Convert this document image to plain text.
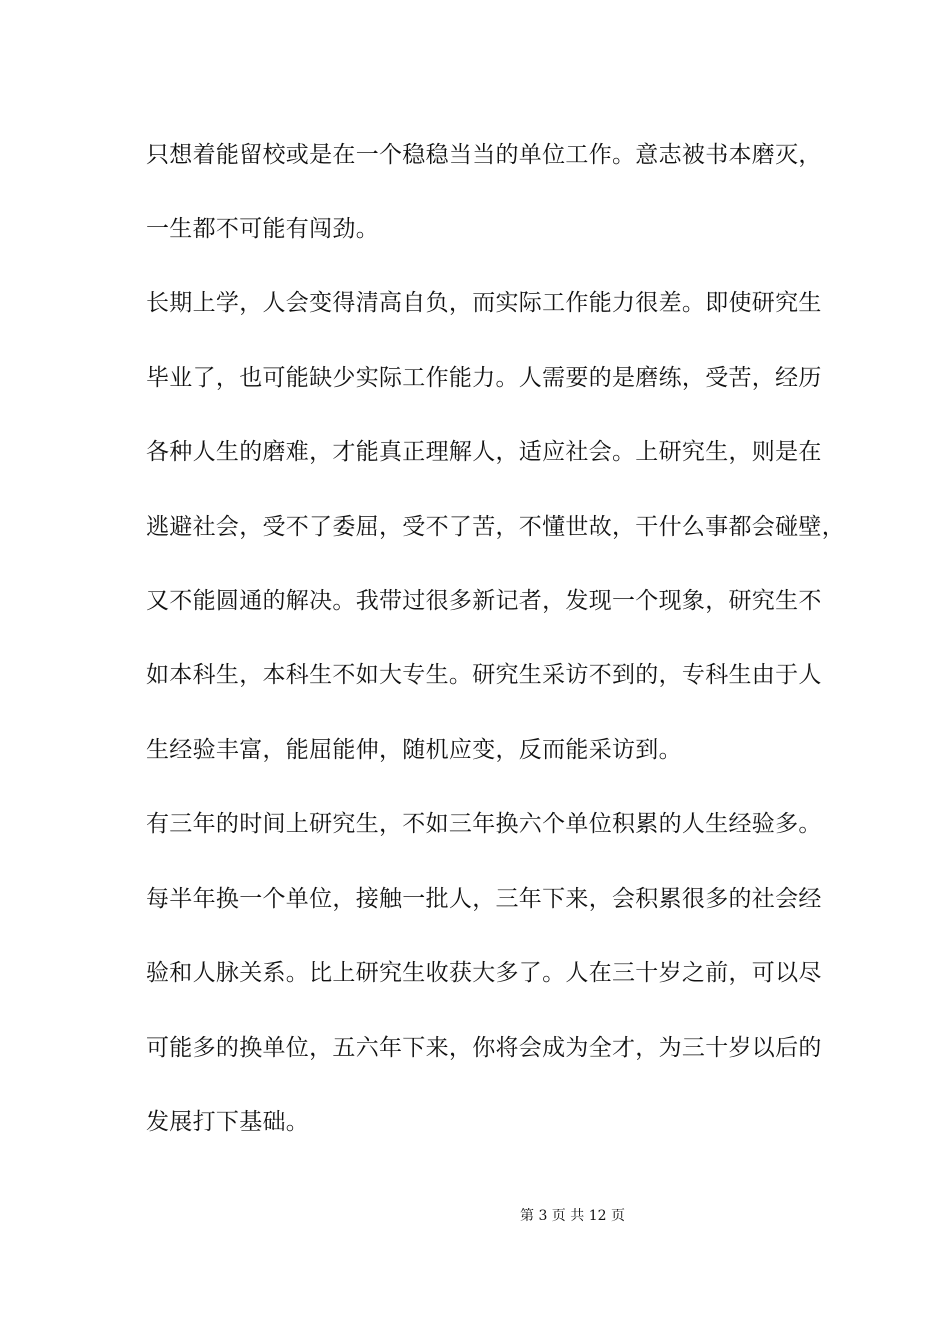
只想着能留校或是在一个稳稳当当的单位工作。意志被书本磨灭，
一生都不可能有闯劲。
长期上学，人会变得清高自负，而实际工作能力很差。即使研究生
毕业了，也可能缺少实际工作能力。人需要的是磨练，受苦，经历
各种人生的磨难，才能真正理解人，适应社会。上研究生，则是在
逃避社会，受不了委屈，受不了苦，不懂世故，干什么事都会碰壁，
又不能圆通的解决。我带过很多新记者，发现一个现象，研究生不
如本科生，本科生不如大专生。研究生采访不到的，专科生由于人
生经验丰富，能屈能伸，随机应变，反而能采访到。
有三年的时间上研究生，不如三年换六个单位积累的人生经验多。
每半年换一个单位，接触一批人，三年下来，会积累很多的社会经
验和人脉关系。比上研究生收获大多了。人在三十岁之前，可以尽
可能多的换单位，五六年下来，你将会成为全才，为三十岁以后的
发展打下基础。
第 3 页 共 12 页
